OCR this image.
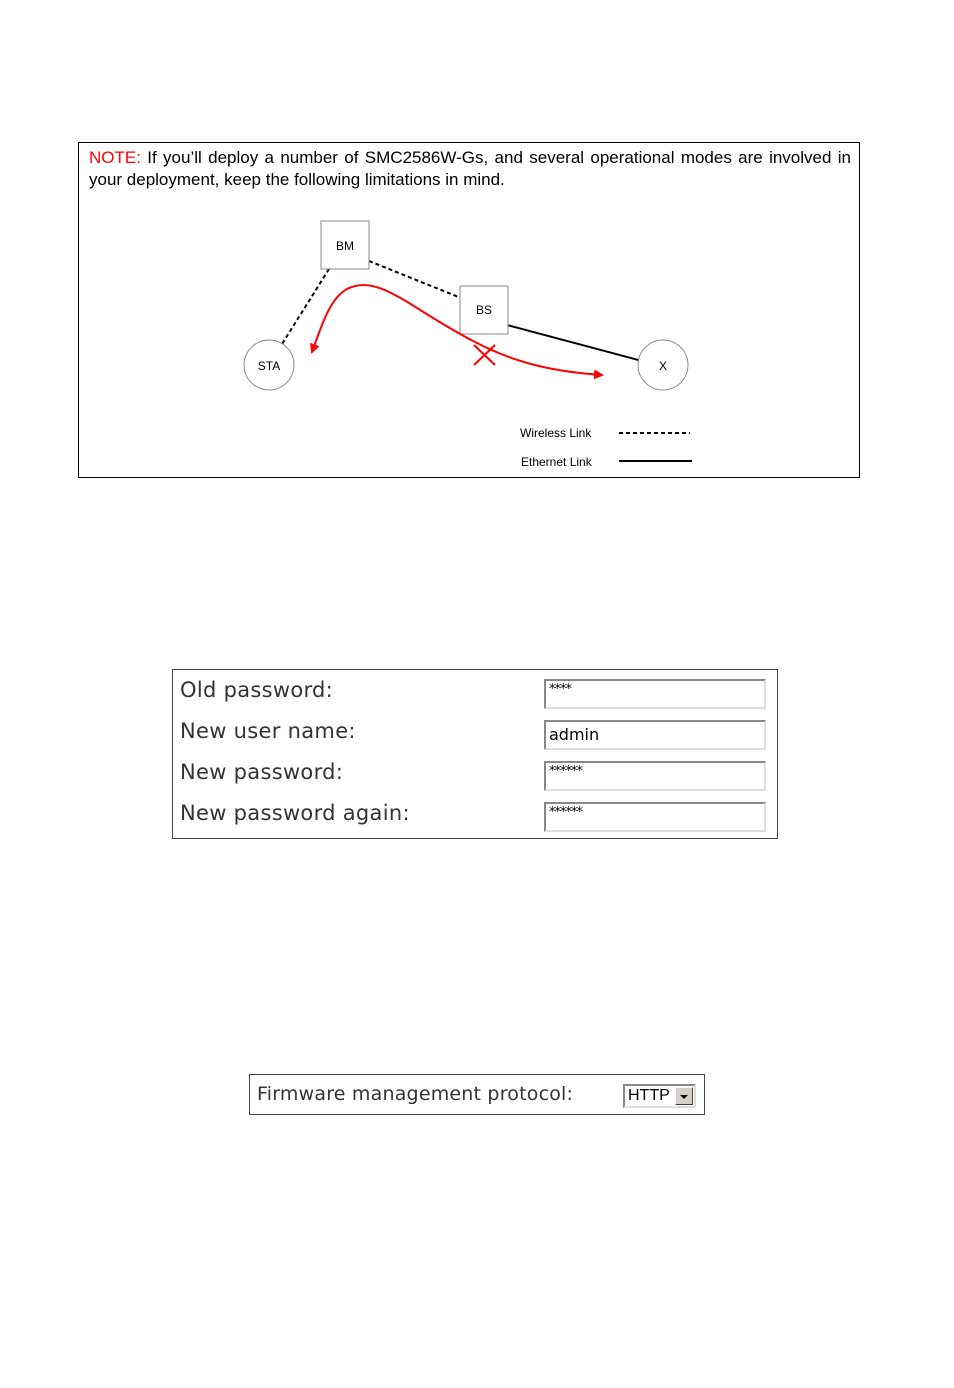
NOTE: If you’ll deploy a number of SMC2586W-Gs, and several operational modes are involved in your deployment, keep the following limitations in mind.
BM
BS
STA	X
Wireless Link
Ethernet Link
Old password:	****
New user name:	admin
New password:	******
New password again:	******
Firmware management protocol:	HTTP
